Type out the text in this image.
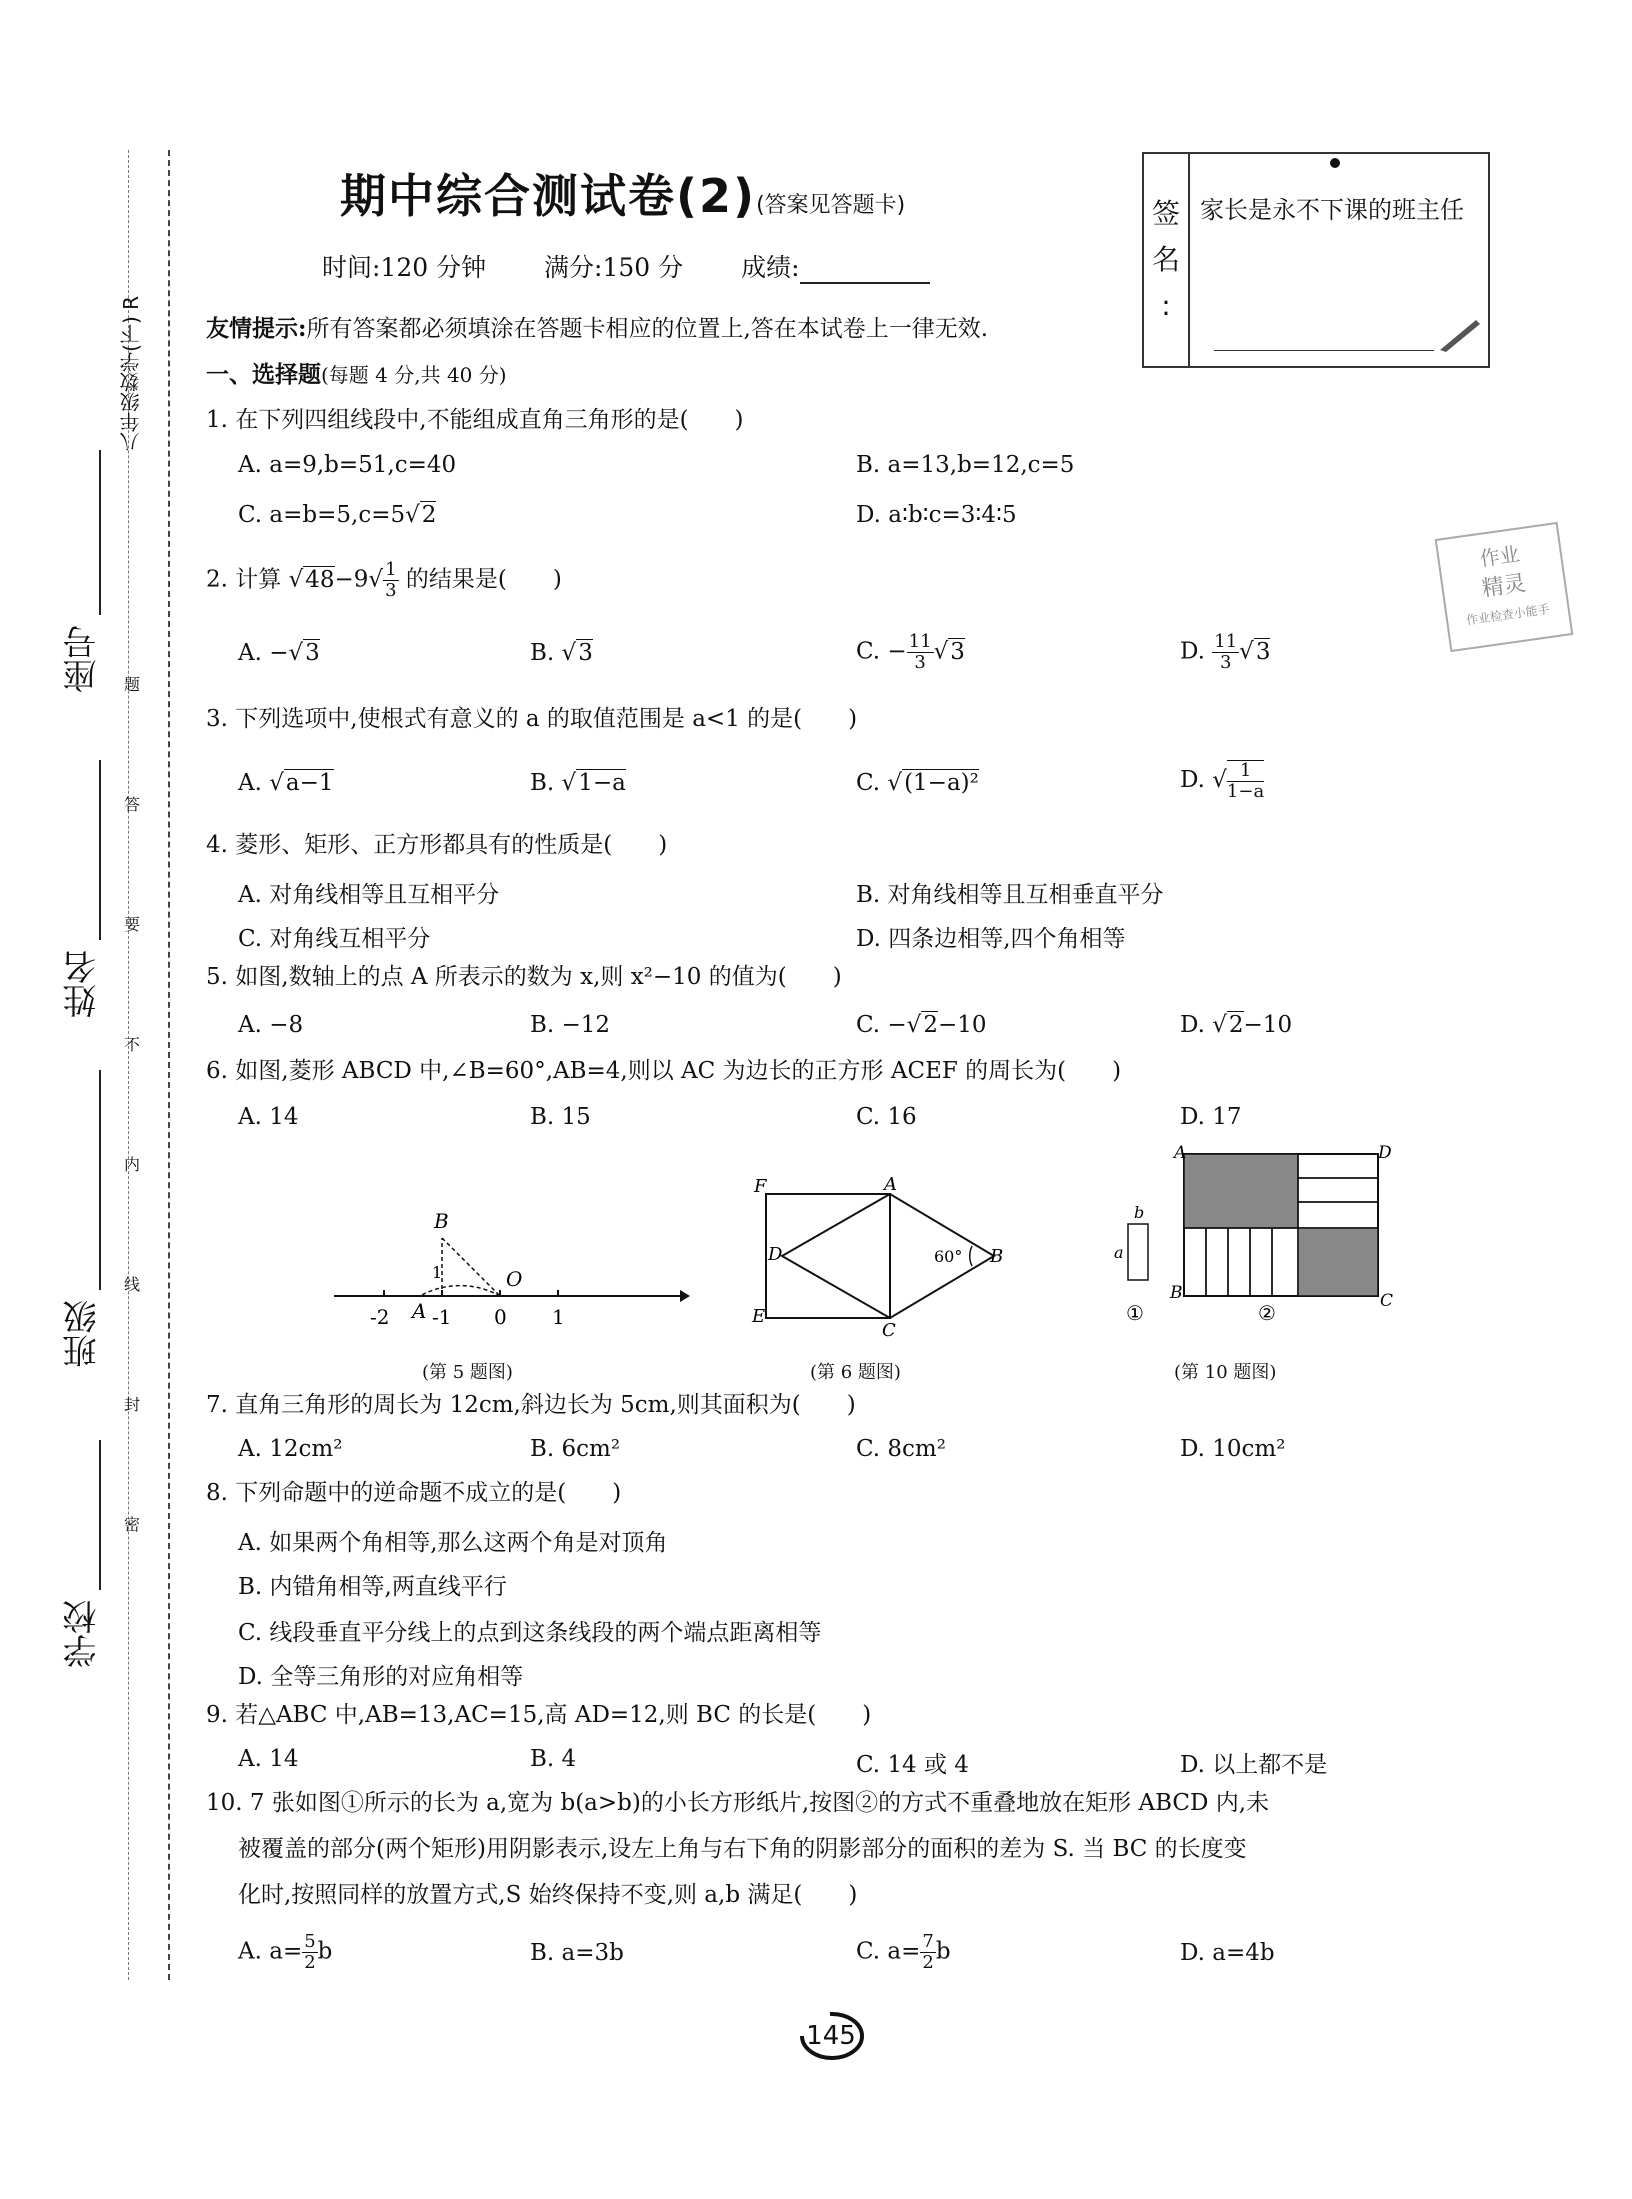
学校
班级
姓名
座号
八年级数学(下) R
题
答
要
不
内
线
封
密
期中综合测试卷(2)(答案见答题卡)
时间:120 分钟 满分:150 分 成绩:
签
名
:
家长是永不下课的班主任
作业
精灵
作业检查小能手
友情提示:所有答案都必须填涂在答题卡相应的位置上,答在本试卷上一律无效.
一、选择题(每题 4 分,共 40 分)
1. 在下列四组线段中,不能组成直角三角形的是(　　)
A. a=9,b=51,c=40	B. a=13,b=12,c=5
C. a=b=5,c=5√2	D. a∶b∶c=3∶4∶5
2. 计算 $√48-9√ \frac{1}{3}$ 的结果是(　　)
A. −√3	B. √3	C. − $\frac{11}{3} √3$	D. $\frac{11}{3} √3$
3. 下列选项中,使根式有意义的 a 的取值范围是 a<1 的是(　　)
A. √a−1	B. √1−a	C. √(1−a)²	D. √ $\frac{1}{1-a}$
4. 菱形、矩形、正方形都具有的性质是(　　)
A. 对角线相等且互相平分	B. 对角线相等且互相垂直平分
C. 对角线互相平分	D. 四条边相等,四个角相等
5. 如图,数轴上的点 A 所表示的数为 x,则 x²−10 的值为(　　)
A. −8	B. −12	C. −√2−10	D. √2−10
6. 如图,菱形 ABCD 中,∠B=60°,AB=4,则以 AC 为边长的正方形 ACEF 的周长为(　　)
A. 14	B. 15	C. 16	D. 17
B
A
O
1
-2 -1 0 1
(第 5 题图)
F	A
D	60° B
E
C
(第 6 题图)
A	D
B	C
a
b
①	②
(第 10 题图)
7. 直角三角形的周长为 12cm,斜边长为 5cm,则其面积为(　　)
A. 12cm²	B. 6cm²	C. 8cm²	D. 10cm²
8. 下列命题中的逆命题不成立的是(　　)
A. 如果两个角相等,那么这两个角是对顶角
B. 内错角相等,两直线平行
C. 线段垂直平分线上的点到这条线段的两个端点距离相等
D. 全等三角形的对应角相等
9. 若△ABC 中,AB=13,AC=15,高 AD=12,则 BC 的长是(　　)
A. 14	B. 4	C. 14 或 4	D. 以上都不是
10. 7 张如图①所示的长为 a,宽为 b(a>b)的小长方形纸片,按图②的方式不重叠地放在矩形 ABCD 内,未
被覆盖的部分(两个矩形)用阴影表示,设左上角与右下角的阴影部分的面积的差为 S. 当 BC 的长度变
化时,按照同样的放置方式,S 始终保持不变,则 a,b 满足(　　)
A. $a= \frac{5}{2}$ b	B. a=3b	C. $a= \frac{7}{2}$ b	D. a=4b
145
